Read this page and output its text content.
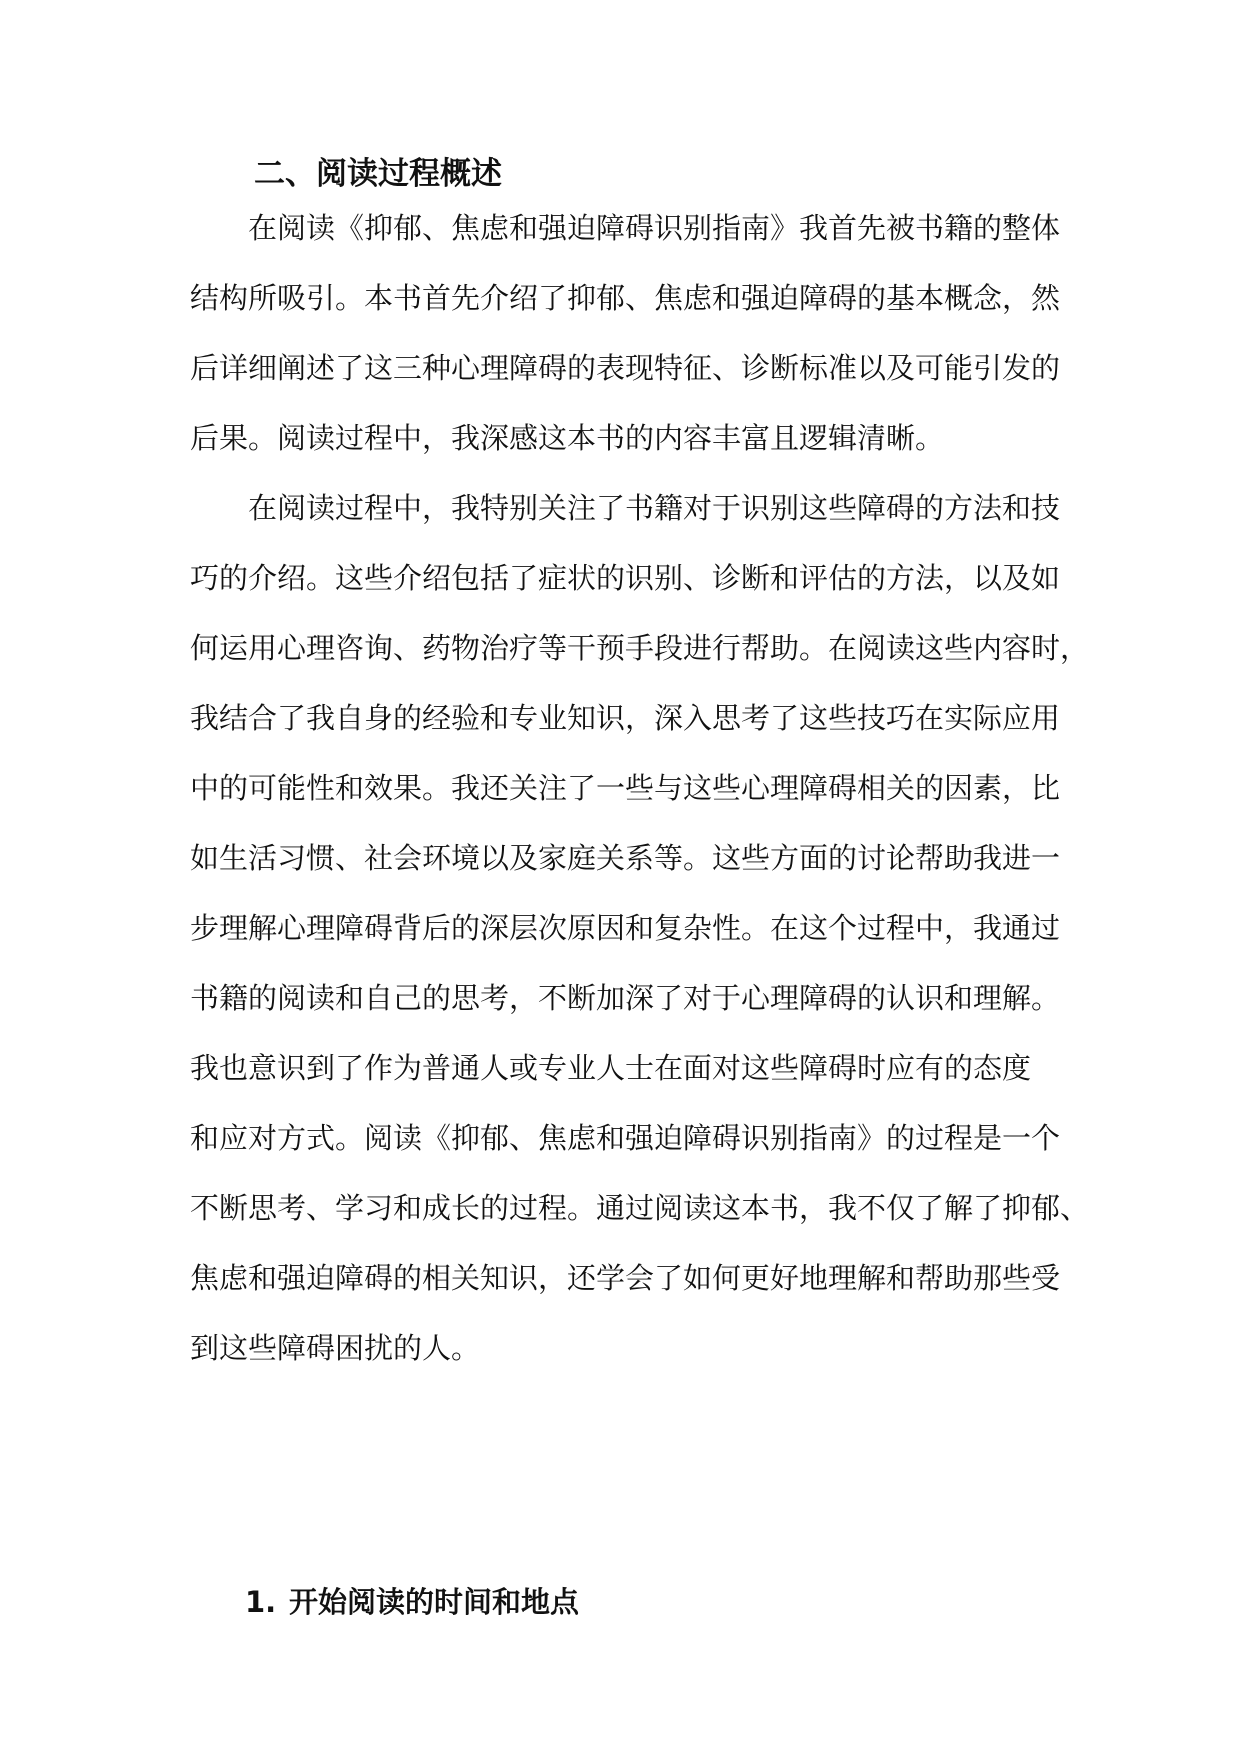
二、阅读过程概述

在阅读《抑郁、焦虑和强迫障碍识别指南》我首先被书籍的整体

结构所吸引。本书首先介绍了抑郁、焦虑和强迫障碍的基本概念，然

后详细阐述了这三种心理障碍的表现特征、诊断标准以及可能引发的

后果。阅读过程中，我深感这本书的内容丰富且逻辑清晰。

在阅读过程中，我特别关注了书籍对于识别这些障碍的方法和技

巧的介绍。这些介绍包括了症状的识别、诊断和评估的方法，以及如

何运用心理咨询、药物治疗等干预手段进行帮助。在阅读这些内容时，

我结合了我自身的经验和专业知识，深入思考了这些技巧在实际应用

中的可能性和效果。我还关注了一些与这些心理障碍相关的因素，比

如生活习惯、社会环境以及家庭关系等。这些方面的讨论帮助我进一

步理解心理障碍背后的深层次原因和复杂性。在这个过程中，我通过

书籍的阅读和自己的思考，不断加深了对于心理障碍的认识和理解。

我也意识到了作为普通人或专业人士在面对这些障碍时应有的态度

和应对方式。阅读《抑郁、焦虑和强迫障碍识别指南》的过程是一个

不断思考、学习和成长的过程。通过阅读这本书，我不仅了解了抑郁、

焦虑和强迫障碍的相关知识，还学会了如何更好地理解和帮助那些受

到这些障碍困扰的人。

1. 开始阅读的时间和地点
